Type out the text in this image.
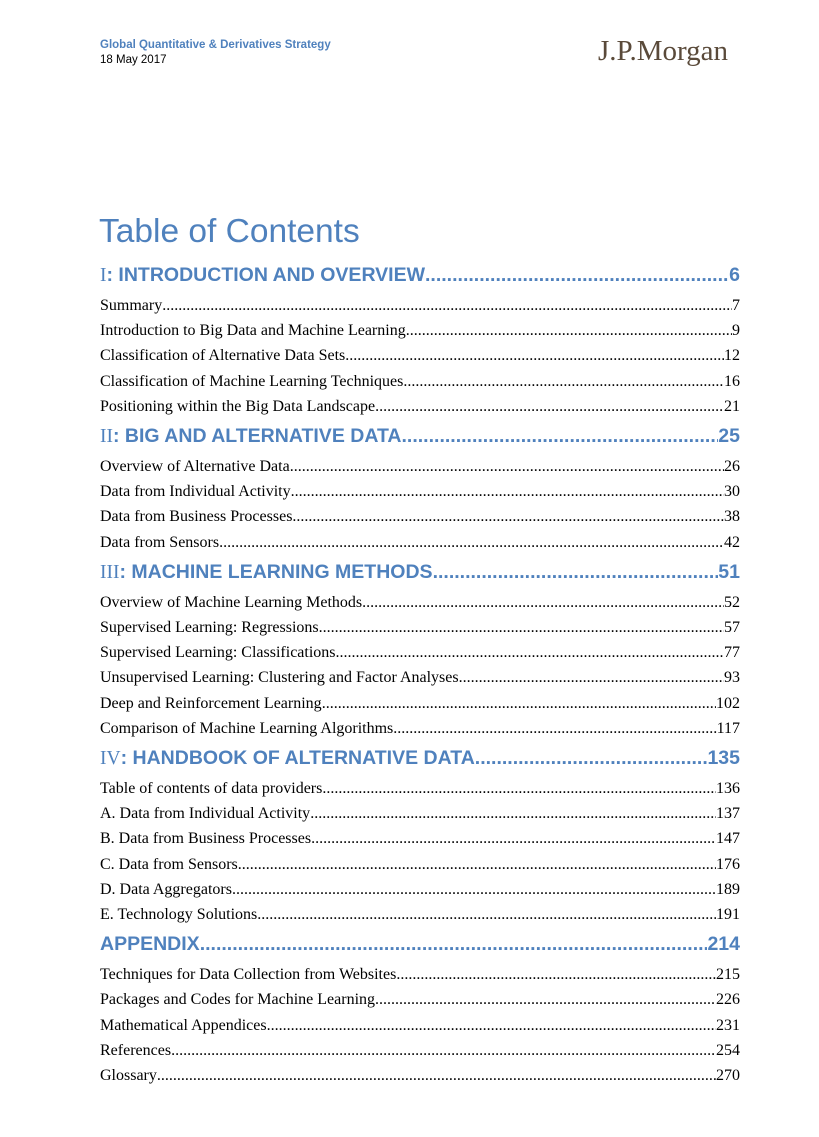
Global Quantitative & Derivatives Strategy
18 May 2017	J.P.Morgan
Table of Contents
I: INTRODUCTION AND OVERVIEW .....	6
Summary .....	7
Introduction to Big Data and Machine Learning .....	9
Classification of Alternative Data Sets .....	12
Classification of Machine Learning Techniques .....	16
Positioning within the Big Data Landscape .....	21
II: BIG AND ALTERNATIVE DATA .....	25
Overview of Alternative Data .....	26
Data from Individual Activity .....	30
Data from Business Processes .....	38
Data from Sensors .....	42
III: MACHINE LEARNING METHODS .....	51
Overview of Machine Learning Methods .....	52
Supervised Learning: Regressions .....	57
Supervised Learning: Classifications .....	77
Unsupervised Learning: Clustering and Factor Analyses .....	93
Deep and Reinforcement Learning .....	102
Comparison of Machine Learning Algorithms .....	117
IV: HANDBOOK OF ALTERNATIVE DATA .....	135
Table of contents of data providers .....	136
A. Data from Individual Activity .....	137
B. Data from Business Processes .....	147
C. Data from Sensors .....	176
D. Data Aggregators .....	189
E. Technology Solutions .....	191
APPENDIX .....	214
Techniques for Data Collection from Websites .....	215
Packages and Codes for Machine Learning .....	226
Mathematical Appendices .....	231
References .....	254
Glossary .....	270
